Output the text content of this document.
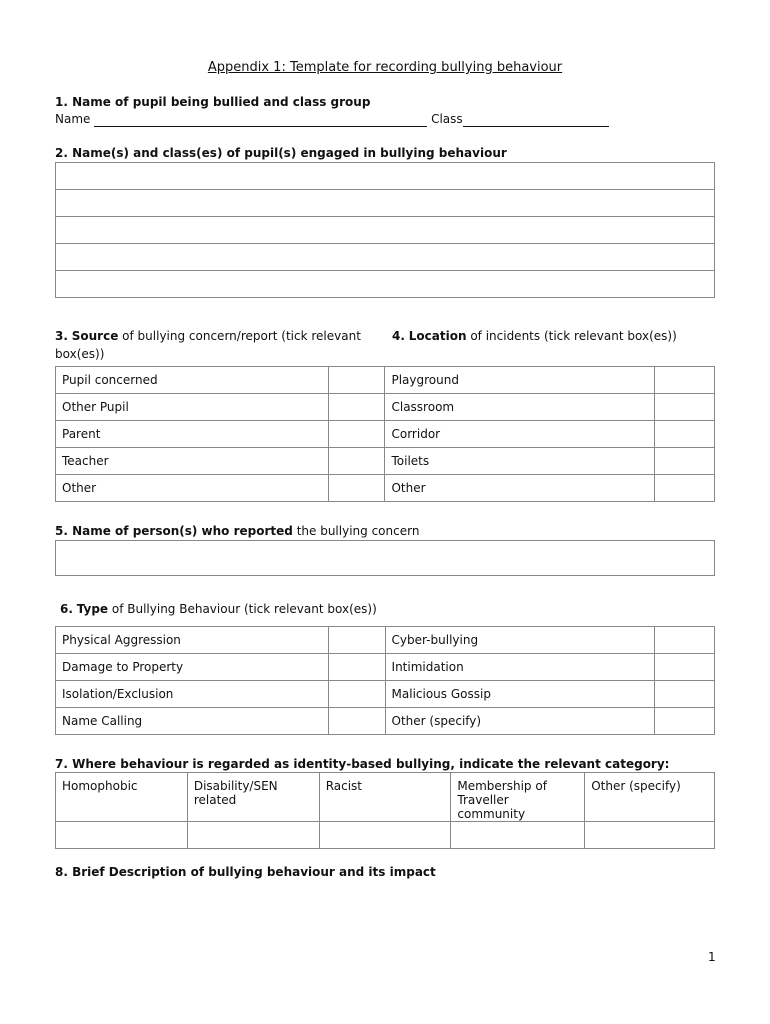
Appendix 1: Template for recording bullying behaviour
1. Name of pupil being bullied and class group
Name	Class
2. Name(s) and class(es) of pupil(s) engaged in bullying behaviour

3. Source of bullying concern/report (tick relevant box(es))
4. Location of incidents (tick relevant box(es))
Pupil concerned		Playground	
Other Pupil		Classroom	
Parent		Corridor	
Teacher		Toilets	
Other		Other	
5. Name of person(s) who reported the bullying concern
6. Type of Bullying Behaviour (tick relevant box(es))
Physical Aggression		Cyber-bullying	
Damage to Property		Intimidation	
Isolation/Exclusion		Malicious Gossip	
Name Calling		Other (specify)	
7. Where behaviour is regarded as identity-based bullying, indicate the relevant category:
Homophobic	Disability/SEN related	Racist	Membership of Traveller community	Other (specify)

8. Brief Description of bullying behaviour and its impact
1
